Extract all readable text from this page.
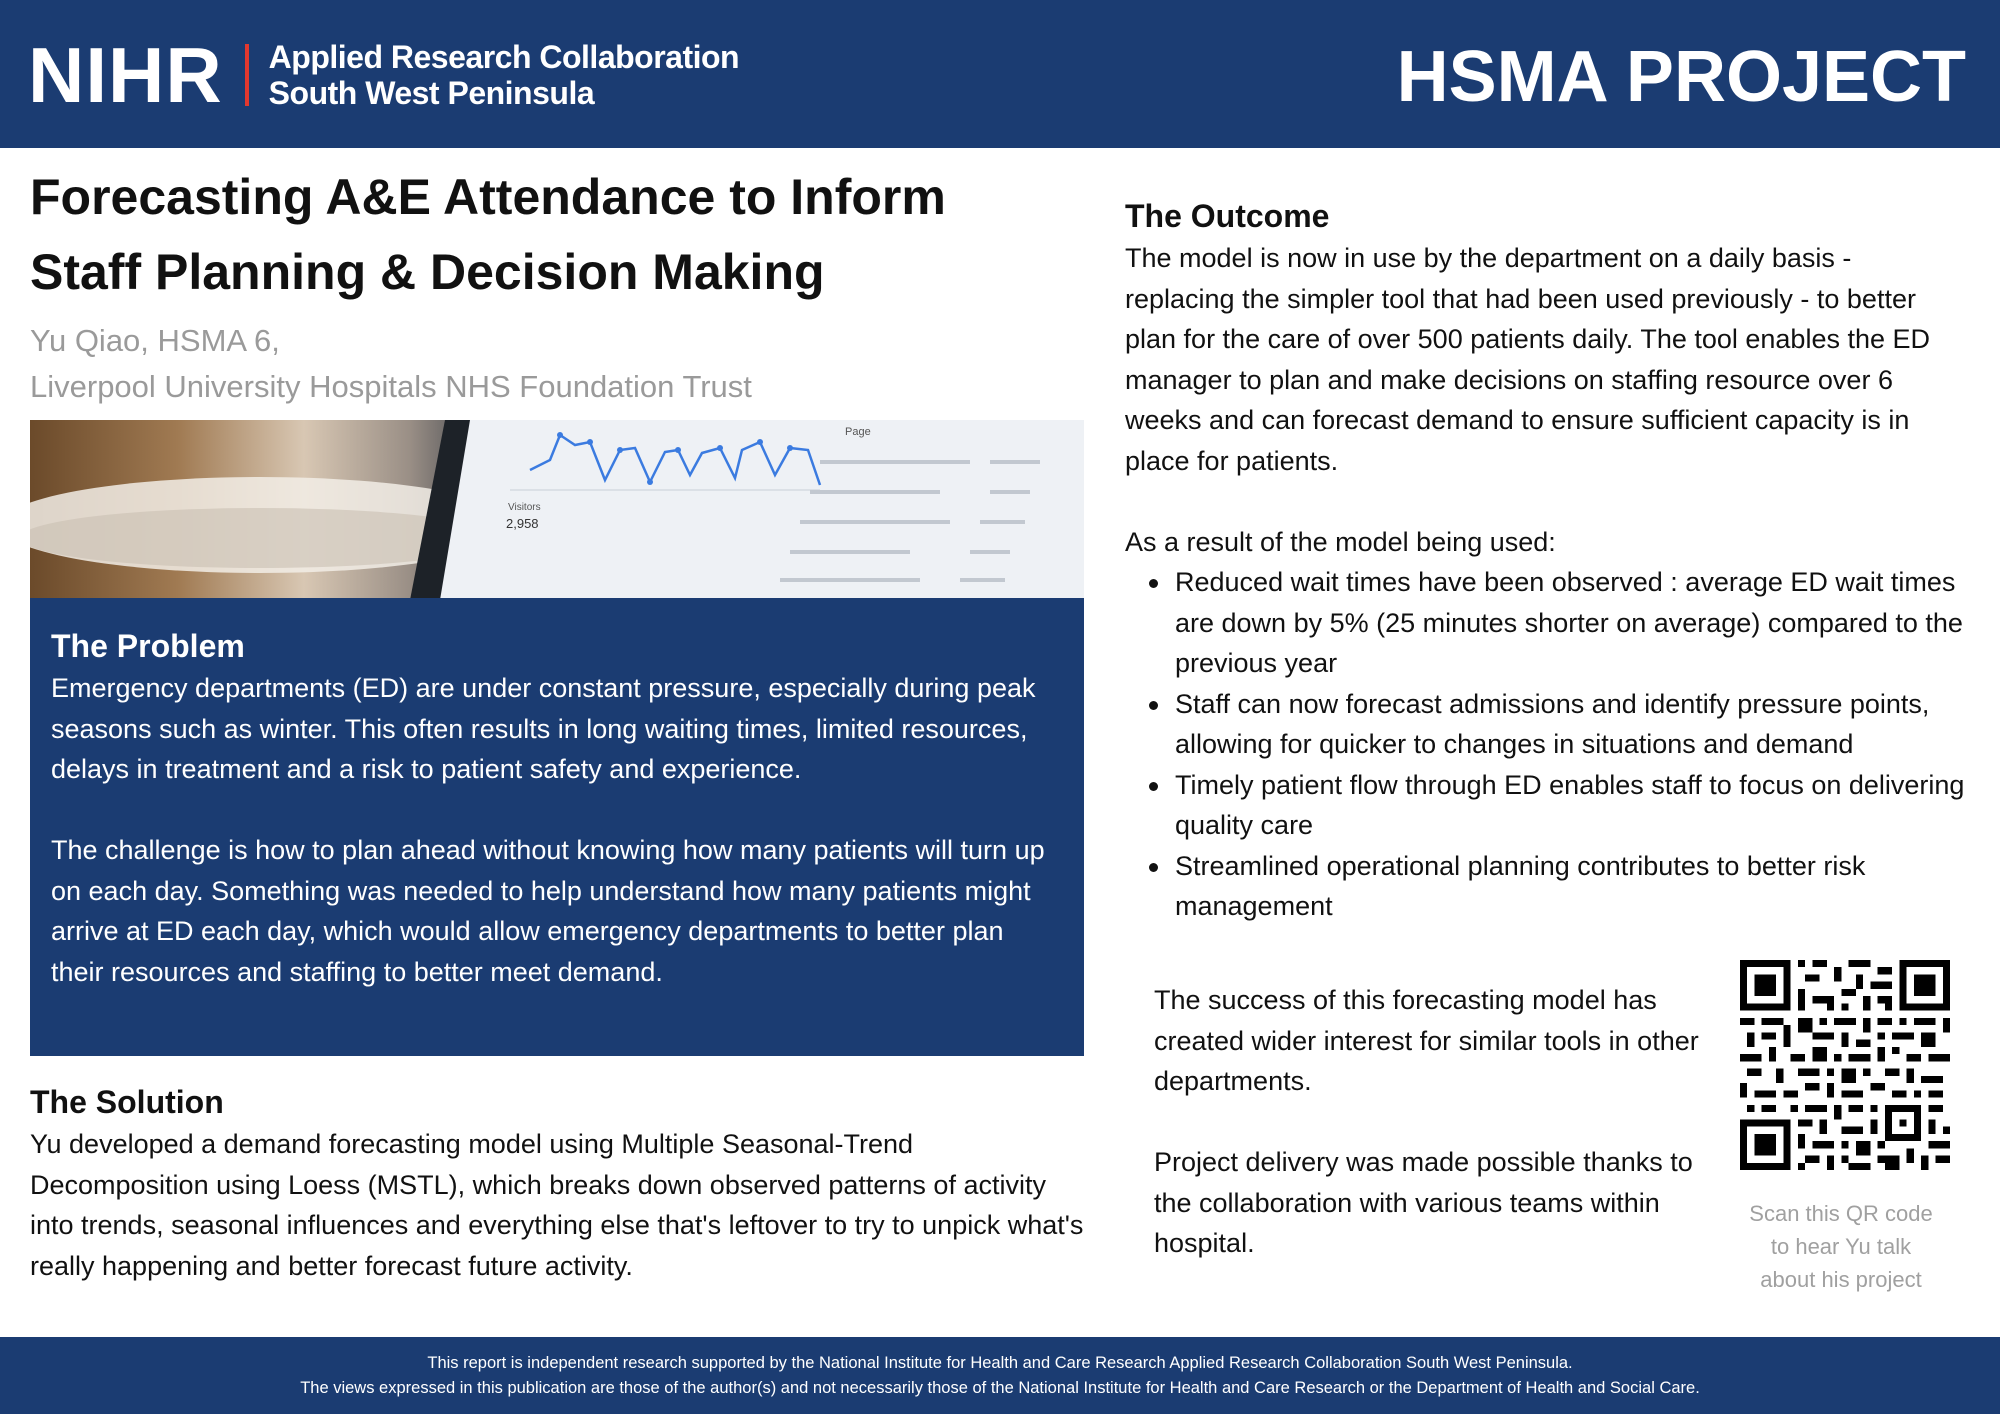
NIHR Applied Research Collaboration
South West Peninsula	HSMA PROJECT
Forecasting A&E Attendance to Inform
Staff Planning & Decision Making
Yu Qiao, HSMA 6,
Liverpool University Hospitals NHS Foundation Trust
Visitors
2,958
Page
The Problem

Emergency departments (ED) are under constant pressure, especially during peak seasons such as winter. This often results in long waiting times, limited resources, delays in treatment and a risk to patient safety and experience.

The challenge is how to plan ahead without knowing how many patients will turn up on each day. Something was needed to help understand how many patients might arrive at ED each day, which would allow emergency departments to better plan their resources and staffing to better meet demand.

The Solution

Yu developed a demand forecasting model using Multiple Seasonal-Trend Decomposition using Loess (MSTL), which breaks down observed patterns of activity into trends, seasonal influences and everything else that's leftover to try to unpick what's really happening and better forecast future activity.

The Outcome

The model is now in use by the department on a daily basis - replacing the simpler tool that had been used previously - to better plan for the care of over 500 patients daily. The tool enables the ED manager to plan and make decisions on staffing resource over 6 weeks and can forecast demand to ensure sufficient capacity is in place for patients.

As a result of the model being used:

Reduced wait times have been observed : average ED wait times are down by 5% (25 minutes shorter on average) compared to the previous year
Staff can now forecast admissions and identify pressure points, allowing for quicker to changes in situations and demand
Timely patient flow through ED enables staff to focus on delivering quality care
Streamlined operational planning contributes to better risk management

The success of this forecasting model has created wider interest for similar tools in other departments.

Project delivery was made possible thanks to the collaboration with various teams within hospital.

Scan this QR code
to hear Yu talk
about his project
This report is independent research supported by the National Institute for Health and Care Research Applied Research Collaboration South West Peninsula.
The views expressed in this publication are those of the author(s) and not necessarily those of the National Institute for Health and Care Research or the Department of Health and Social Care.
